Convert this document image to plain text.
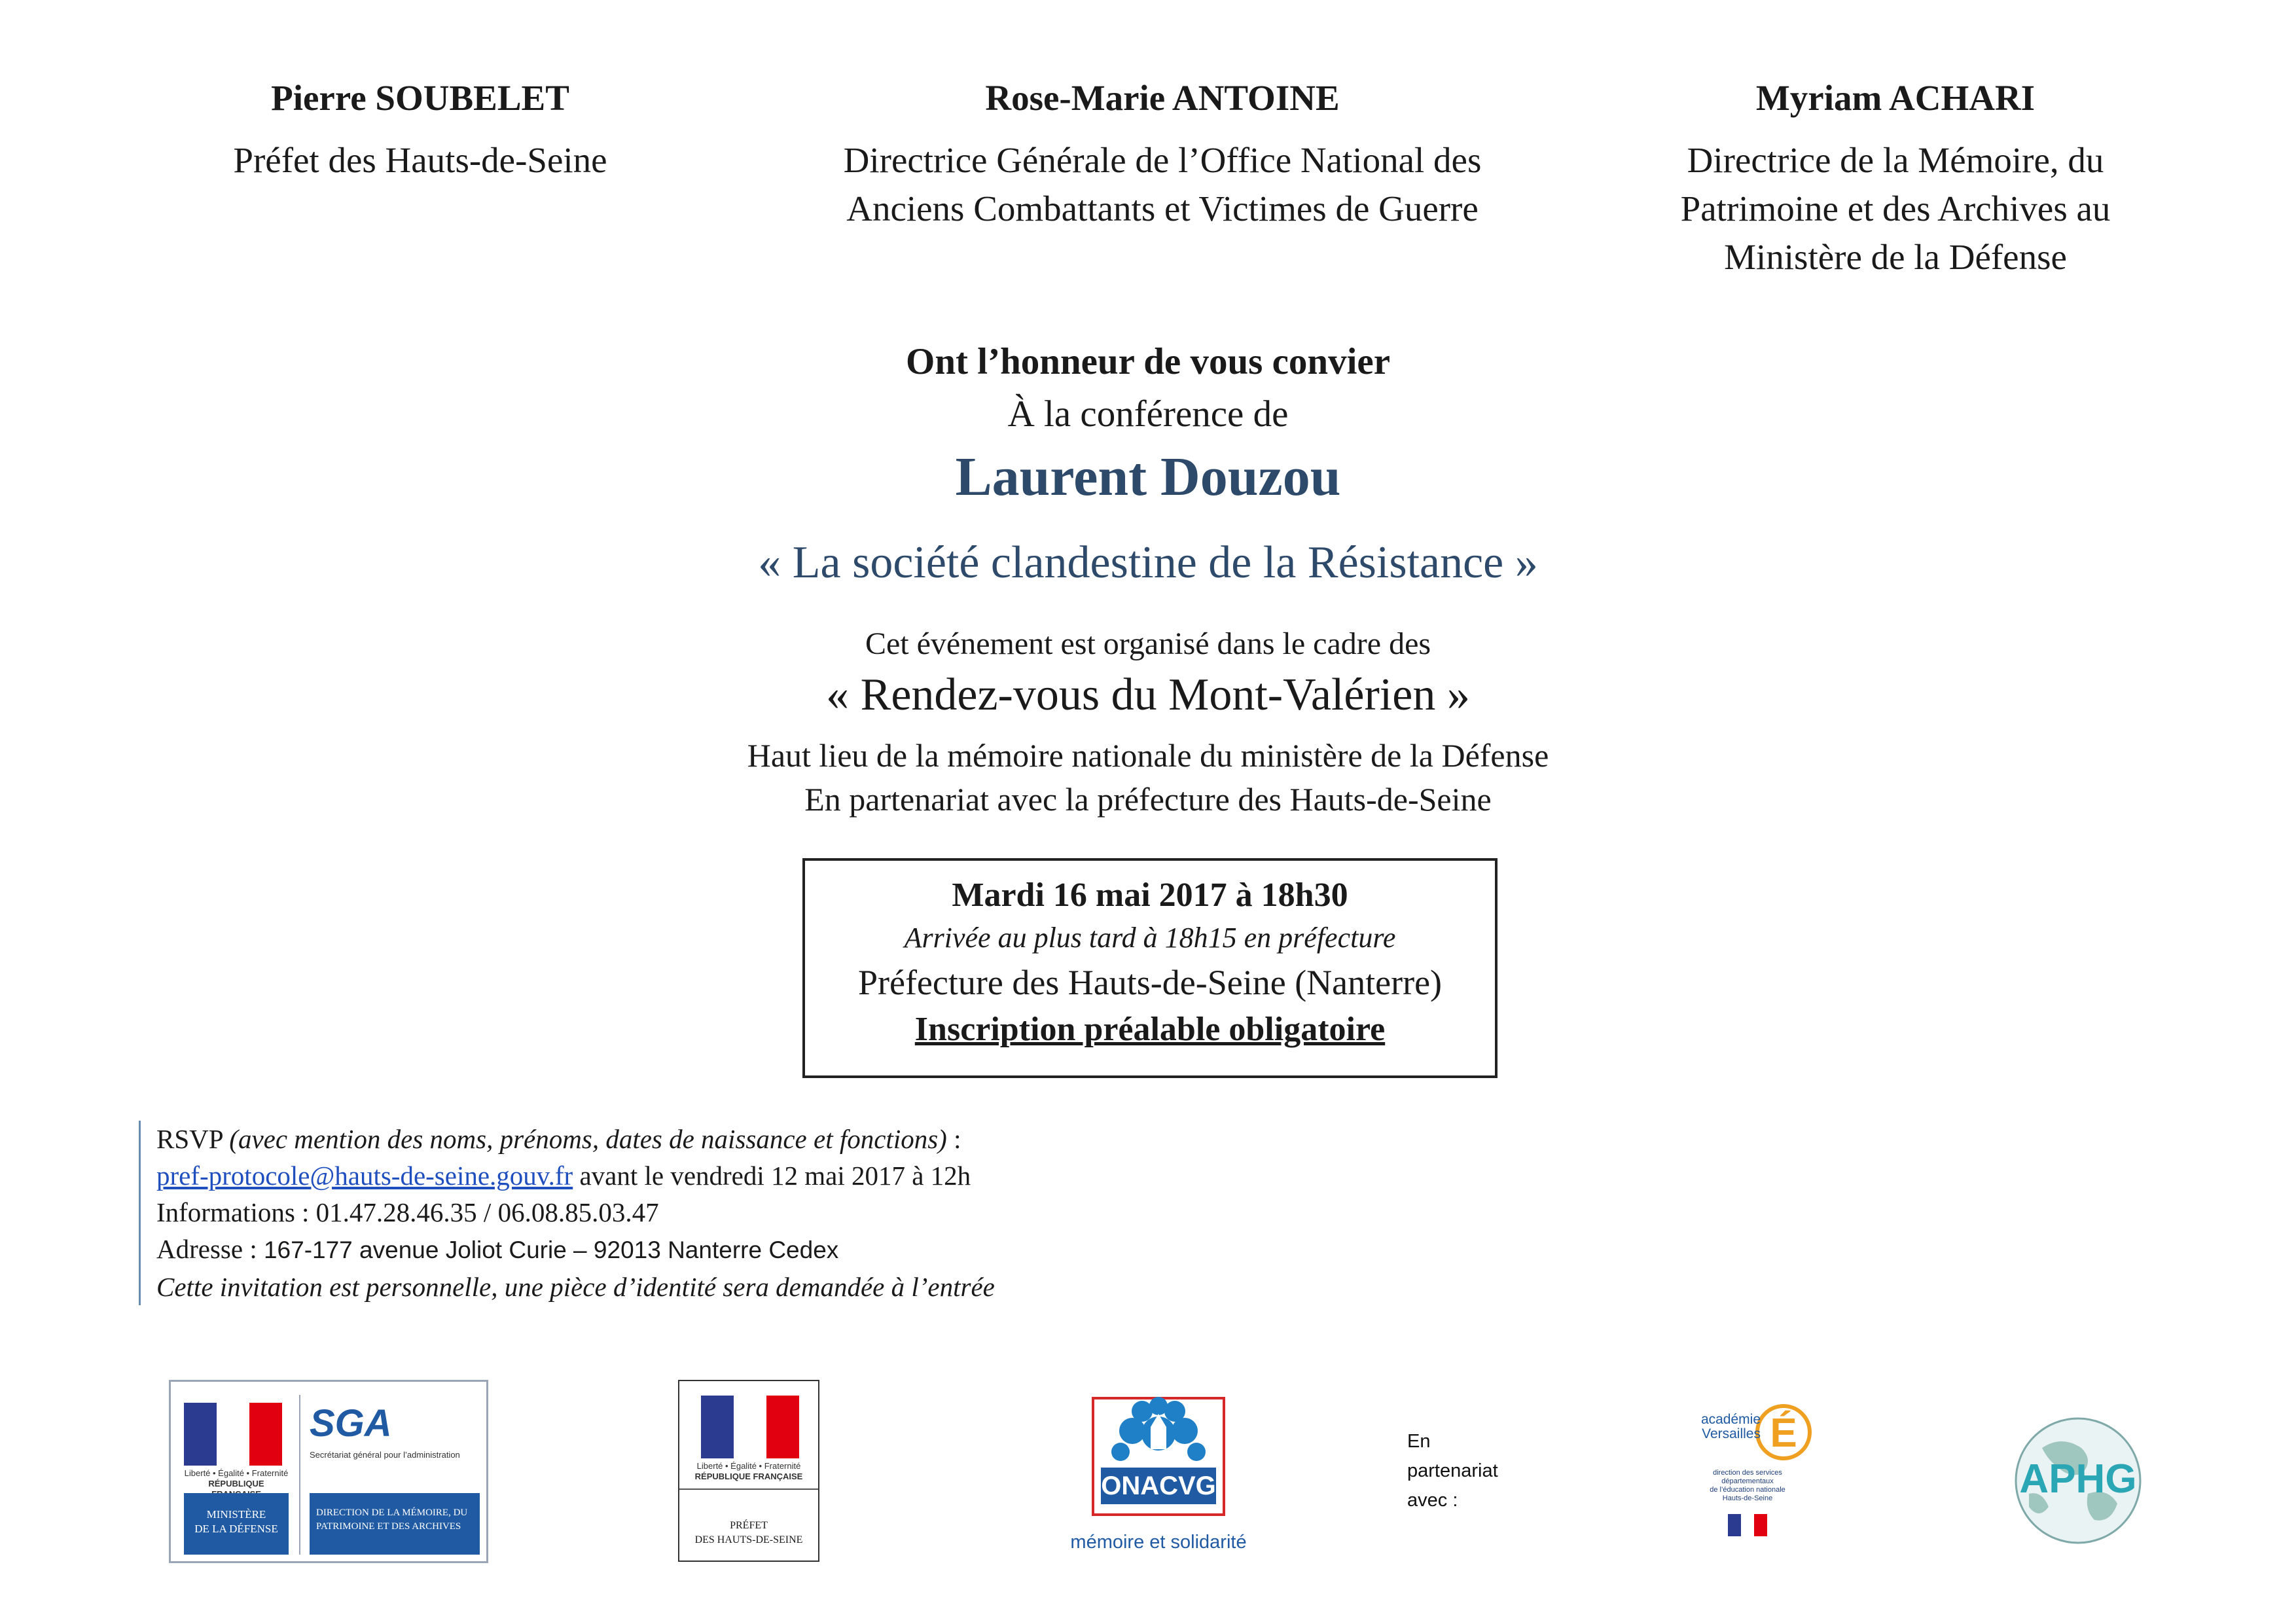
Pierre SOUBELET
Préfet des Hauts-de-Seine
Rose-Marie ANTOINE
Directrice Générale de l’Office National des Anciens Combattants et Victimes de Guerre
Myriam ACHARI
Directrice de la Mémoire, du Patrimoine et des Archives au Ministère de la Défense
Ont l’honneur de vous convier
À la conférence de
Laurent Douzou
« La société clandestine de la Résistance »
Cet événement est organisé dans le cadre des
« Rendez-vous du Mont-Valérien »
Haut lieu de la mémoire nationale du ministère de la Défense
En partenariat avec la préfecture des Hauts-de-Seine
Mardi 16 mai 2017 à 18h30
Arrivée au plus tard à 18h15 en préfecture
Préfecture des Hauts-de-Seine (Nanterre)
Inscription préalable obligatoire
RSVP (avec mention des noms, prénoms, dates de naissance et fonctions) :
pref-protocole@hauts-de-seine.gouv.fr avant le vendredi 12 mai 2017 à 12h
Informations : 01.47.28.46.35 / 06.08.85.03.47
Adresse : 167-177 avenue Joliot Curie – 92013 Nanterre Cedex
Cette invitation est personnelle, une pièce d’identité sera demandée à l’entrée
Liberté • Égalité • Fraternité
RÉPUBLIQUE
MINISTÈRE
DE LA DÉFENSE
SGA
Secrétariat général pour l’administration
DIRECTION DE LA MÉMOIRE, DU
PATRIMOINE ET DES ARCHIVES
Liberté • Égalité • Fraternité
RÉPUBLIQUE FRANÇAISE
PRÉFET
DES HAUTS-DE-SEINE
ONACVG
mémoire et solidarité
En
partenariat
avec :
É
académie
Versailles
direction des services
départementaux
de l’éducation nationale
Hauts-de-Seine	APHG
